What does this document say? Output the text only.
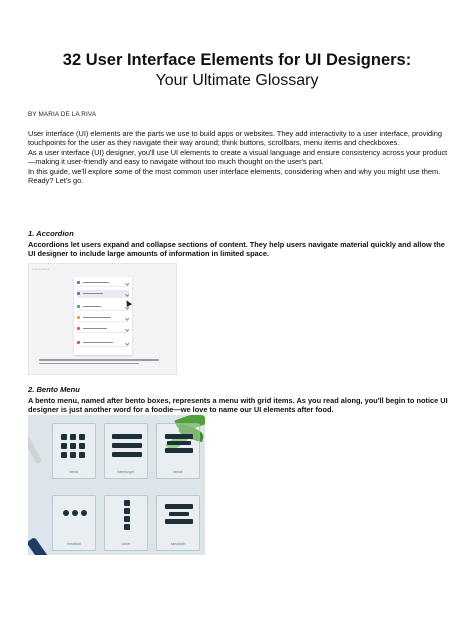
32 User Interface Elements for UI Designers:
Your Ultimate Glossary
BY MARIA DE LA RIVA

User interface (UI) elements are the parts we use to build apps or websites. They add interactivity to a user interface, providing touchpoints for the user as they navigate their way around; think buttons, scrollbars, menu items and checkboxes.

As a user interface (UI) designer, you'll use UI elements to create a visual language and ensure consistency across your product—making it user-friendly and easy to navigate without too much thought on the user's part.

In this guide, we'll explore some of the most common user interface elements, considering when and why you might use them.

Ready? Let's go.

1. Accordion
Accordions let users expand and collapse sections of content. They help users navigate material quickly and allow the UI designer to include large amounts of information in limited space.
≡ Accordions
2. Bento Menu
A bento menu, named after bento boxes, represents a menu with grid items. As you read along, you'll begin to notice UI designer is just another word for a foodie—we love to name our UI elements after food.
bento	hamburger	kebab
meatball	döner	sandwich
